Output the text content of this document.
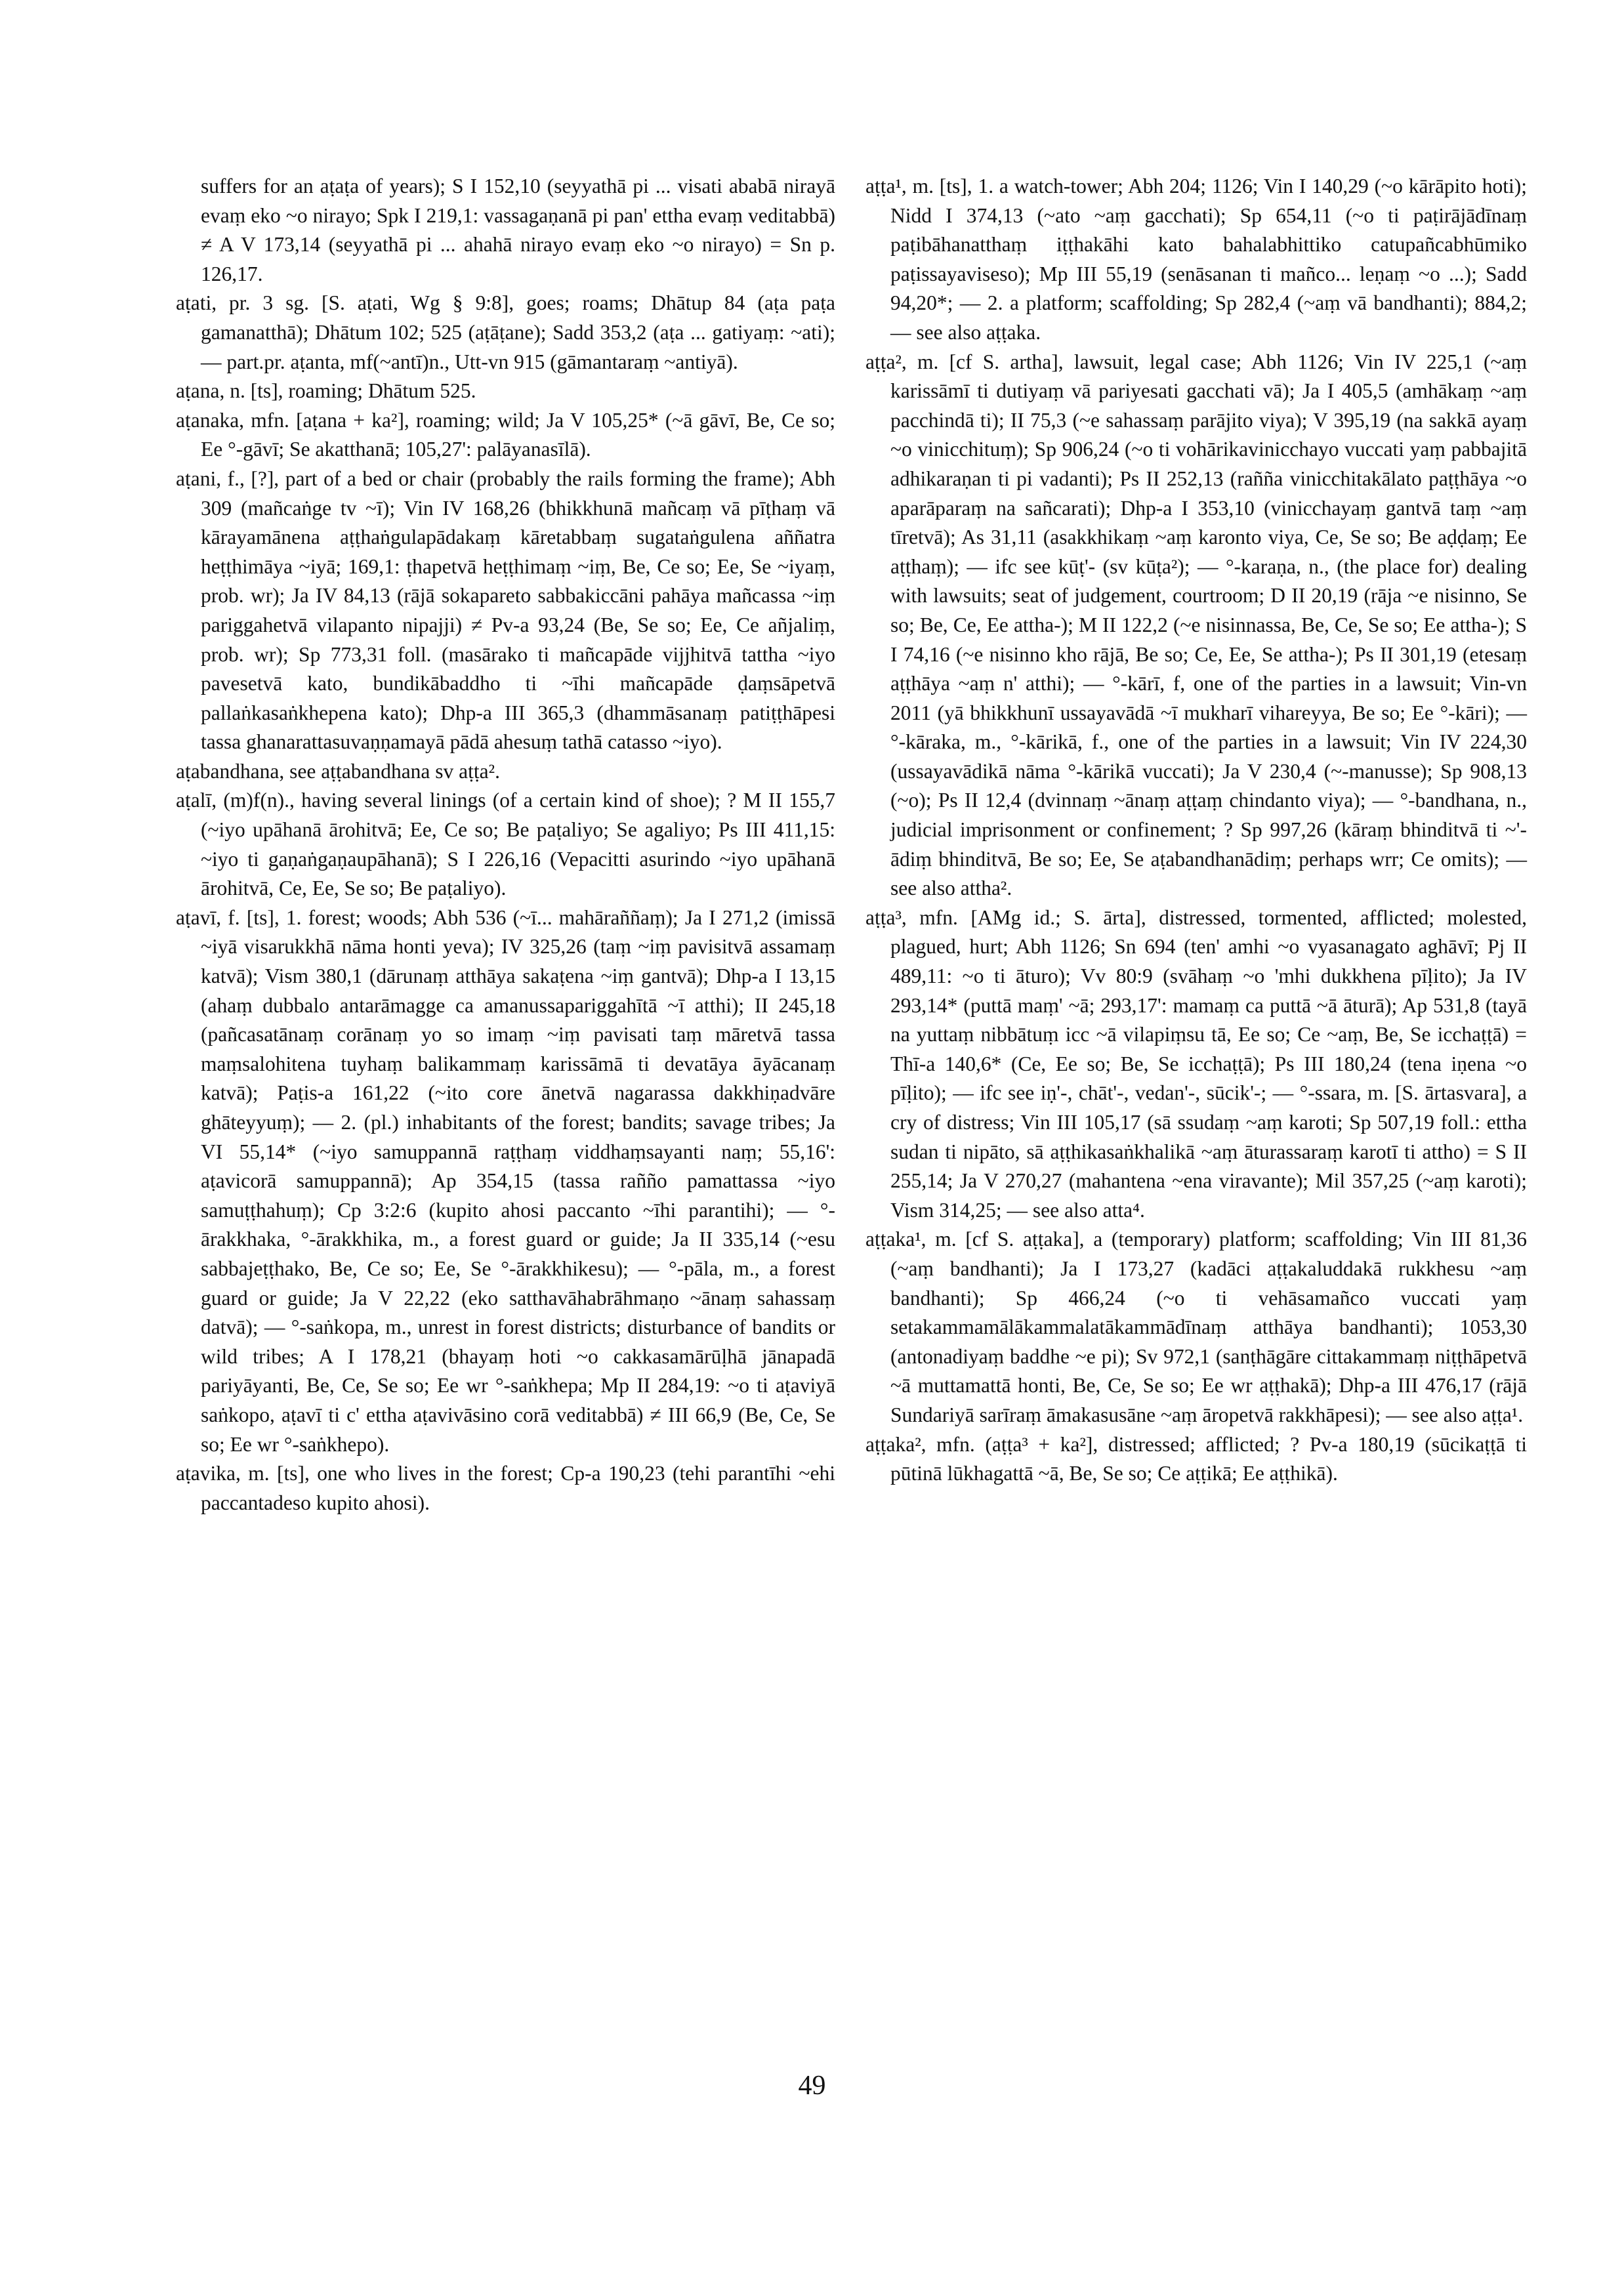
suffers for an aṭaṭa of years); S I 152,10 (seyyathā pi ... visati ababā nirayā evaṃ eko ~o nirayo; Spk I 219,1: vassagaṇanā pi pan' ettha evaṃ veditabbā) ≠ A V 173,14 (seyyathā pi ... ahahā nirayo evaṃ eko ~o nirayo) = Sn p. 126,17.

aṭati, pr. 3 sg. [S. aṭati, Wg § 9:8], goes; roams; Dhātup 84 (aṭa paṭa gamanatthā); Dhātum 102; 525 (aṭāṭane); Sadd 353,2 (aṭa ... gatiyaṃ: ~ati); — part.pr. aṭanta, mf(~antī)n., Utt-vn 915 (gāmantaraṃ ~antiyā).

aṭana, n. [ts], roaming; Dhātum 525.

aṭanaka, mfn. [aṭana + ka²], roaming; wild; Ja V 105,25* (~ā gāvī, Be, Ce so; Ee °-gāvī; Se akatthanā; 105,27': palāyanasīlā).

aṭani, f., [?], part of a bed or chair (probably the rails forming the frame); Abh 309 (mañcaṅge tv ~ī); Vin IV 168,26 (bhikkhunā mañcaṃ vā pīṭhaṃ vā kārayamānena aṭṭhaṅgulapādakaṃ kāretabbaṃ sugataṅgulena aññatra heṭṭhimāya ~iyā; 169,1: ṭhapetvā heṭṭhimaṃ ~iṃ, Be, Ce so; Ee, Se ~iyaṃ, prob. wr); Ja IV 84,13 (rājā sokapareto sabbakiccāni pahāya mañcassa ~iṃ pariggahetvā vilapanto nipajji) ≠ Pv-a 93,24 (Be, Se so; Ee, Ce añjaliṃ, prob. wr); Sp 773,31 foll. (masārako ti mañcapāde vijjhitvā tattha ~iyo pavesetvā kato, bundikābaddho ti ~īhi mañcapāde ḍaṃsāpetvā pallaṅkasaṅkhepena kato); Dhp-a III 365,3 (dhammāsanaṃ patiṭṭhāpesi tassa ghanarattasuvaṇṇamayā pādā ahesuṃ tathā catasso ~iyo).

aṭabandhana, see aṭṭabandhana sv aṭṭa².

aṭalī, (m)f(n)., having several linings (of a certain kind of shoe); ? M II 155,7 (~iyo upāhanā ārohitvā; Ee, Ce so; Be paṭaliyo; Se agaliyo; Ps III 411,15: ~iyo ti gaṇaṅgaṇaupāhanā); S I 226,16 (Vepacitti asurindo ~iyo upāhanā ārohitvā, Ce, Ee, Se so; Be paṭaliyo).

aṭavī, f. [ts], 1. forest; woods; Abh 536 (~ī... mahāraññaṃ); Ja I 271,2 (imissā ~iyā visarukkhā nāma honti yeva); IV 325,26 (taṃ ~iṃ pavisitvā assamaṃ katvā); Vism 380,1 (dārunaṃ atthāya sakaṭena ~iṃ gantvā); Dhp-a I 13,15 (ahaṃ dubbalo antarāmagge ca amanussapariggahītā ~ī atthi); II 245,18 (pañcasatānaṃ corānaṃ yo so imaṃ ~iṃ pavisati taṃ māretvā tassa maṃsalohitena tuyhaṃ balikammaṃ karissāmā ti devatāya āyācanaṃ katvā); Paṭis-a 161,22 (~ito core ānetvā nagarassa dakkhiṇadvāre ghāteyyuṃ); — 2. (pl.) inhabitants of the forest; bandits; savage tribes; Ja VI 55,14* (~iyo samuppannā raṭṭhaṃ viddhaṃsayanti naṃ; 55,16': aṭavicorā samuppannā); Ap 354,15 (tassa rañño pamattassa ~iyo samuṭṭhahuṃ); Cp 3:2:6 (kupito ahosi paccanto ~īhi parantihi); — °-ārakkhaka, °-ārakkhika, m., a forest guard or guide; Ja II 335,14 (~esu sabbajeṭṭhako, Be, Ce so; Ee, Se °-ārakkhikesu); — °-pāla, m., a forest guard or guide; Ja V 22,22 (eko satthavāhabrāhmaṇo ~ānaṃ sahassaṃ datvā); — °-saṅkopa, m., unrest in forest districts; disturbance of bandits or wild tribes; A I 178,21 (bhayaṃ hoti ~o cakkasamārūḷhā jānapadā pariyāyanti, Be, Ce, Se so; Ee wr °-saṅkhepa; Mp II 284,19: ~o ti aṭaviyā saṅkopo, aṭavī ti c' ettha aṭavivāsino corā veditabbā) ≠ III 66,9 (Be, Ce, Se so; Ee wr °-saṅkhepo).

aṭavika, m. [ts], one who lives in the forest; Cp-a 190,23 (tehi parantīhi ~ehi paccantadeso kupito ahosi).

aṭṭa¹, m. [ts], 1. a watch-tower; Abh 204; 1126; Vin I 140,29 (~o kārāpito hoti); Nidd I 374,13 (~ato ~aṃ gacchati); Sp 654,11 (~o ti paṭirājādīnaṃ paṭibāhanatthaṃ iṭṭhakāhi kato bahalabhittiko catupañcabhūmiko paṭissayaviseso); Mp III 55,19 (senāsanan ti mañco... leṇaṃ ~o ...); Sadd 94,20*; — 2. a platform; scaffolding; Sp 282,4 (~aṃ vā bandhanti); 884,2; — see also aṭṭaka.

aṭṭa², m. [cf S. artha], lawsuit, legal case; Abh 1126; Vin IV 225,1 (~aṃ karissāmī ti dutiyaṃ vā pariyesati gacchati vā); Ja I 405,5 (amhākaṃ ~aṃ pacchindā ti); II 75,3 (~e sahassaṃ parājito viya); V 395,19 (na sakkā ayaṃ ~o vinicchituṃ); Sp 906,24 (~o ti vohārikavinicchayo vuccati yaṃ pabbajitā adhikaraṇan ti pi vadanti); Ps II 252,13 (rañña vinicchitakālato paṭṭhāya ~o aparāparaṃ na sañcarati); Dhp-a I 353,10 (vinicchayaṃ gantvā taṃ ~aṃ tīretvā); As 31,11 (asakkhikaṃ ~aṃ karonto viya, Ce, Se so; Be aḍḍaṃ; Ee aṭṭhaṃ); — ifc see kūṭ'- (sv kūṭa²); — °-karaṇa, n., (the place for) dealing with lawsuits; seat of judgement, courtroom; D II 20,19 (rāja ~e nisinno, Se so; Be, Ce, Ee attha-); M II 122,2 (~e nisinnassa, Be, Ce, Se so; Ee attha-); S I 74,16 (~e nisinno kho rājā, Be so; Ce, Ee, Se attha-); Ps II 301,19 (etesaṃ aṭṭhāya ~aṃ n' atthi); — °-kārī, f, one of the parties in a lawsuit; Vin-vn 2011 (yā bhikkhunī ussayavādā ~ī mukharī vihareyya, Be so; Ee °-kāri); — °-kāraka, m., °-kārikā, f., one of the parties in a lawsuit; Vin IV 224,30 (ussayavādikā nāma °-kārikā vuccati); Ja V 230,4 (~-manusse); Sp 908,13 (~o); Ps II 12,4 (dvinnaṃ ~ānaṃ aṭṭaṃ chindanto viya); — °-bandhana, n., judicial imprisonment or confinement; ? Sp 997,26 (kāraṃ bhinditvā ti ~'-ādiṃ bhinditvā, Be so; Ee, Se aṭabandhanādiṃ; perhaps wrr; Ce omits); — see also attha².

aṭṭa³, mfn. [AMg id.; S. ārta], distressed, tormented, afflicted; molested, plagued, hurt; Abh 1126; Sn 694 (ten' amhi ~o vyasanagato aghāvī; Pj II 489,11: ~o ti āturo); Vv 80:9 (svāhaṃ ~o 'mhi dukkhena pīḷito); Ja IV 293,14* (puttā maṃ' ~ā; 293,17': mamaṃ ca puttā ~ā āturā); Ap 531,8 (tayā na yuttaṃ nibbātuṃ icc ~ā vilapiṃsu tā, Ee so; Ce ~aṃ, Be, Se icchaṭṭā) = Thī-a 140,6* (Ce, Ee so; Be, Se icchaṭṭā); Ps III 180,24 (tena iṇena ~o pīḷito); — ifc see iṇ'-, chāt'-, vedan'-, sūcik'-; — °-ssara, m. [S. ārtasvara], a cry of distress; Vin III 105,17 (sā ssudaṃ ~aṃ karoti; Sp 507,19 foll.: ettha sudan ti nipāto, sā aṭṭhikasaṅkhalikā ~aṃ āturassaraṃ karotī ti attho) = S II 255,14; Ja V 270,27 (mahantena ~ena viravante); Mil 357,25 (~aṃ karoti); Vism 314,25; — see also atta⁴.

aṭṭaka¹, m. [cf S. aṭṭaka], a (temporary) platform; scaffolding; Vin III 81,36 (~aṃ bandhanti); Ja I 173,27 (kadāci aṭṭakaluddakā rukkhesu ~aṃ bandhanti); Sp 466,24 (~o ti vehāsamañco vuccati yaṃ setakammamālākammalatākammādīnaṃ atthāya bandhanti); 1053,30 (antonadiyaṃ baddhe ~e pi); Sv 972,1 (sanṭhāgāre cittakammaṃ niṭṭhāpetvā ~ā muttamattā honti, Be, Ce, Se so; Ee wr aṭṭhakā); Dhp-a III 476,17 (rājā Sundariyā sarīraṃ āmakasusāne ~aṃ āropetvā rakkhāpesi); — see also aṭṭa¹.

aṭṭaka², mfn. (aṭṭa³ + ka²], distressed; afflicted; ? Pv-a 180,19 (sūcikaṭṭā ti pūtinā lūkhagattā ~ā, Be, Se so; Ce aṭṭikā; Ee aṭṭhikā).

49
